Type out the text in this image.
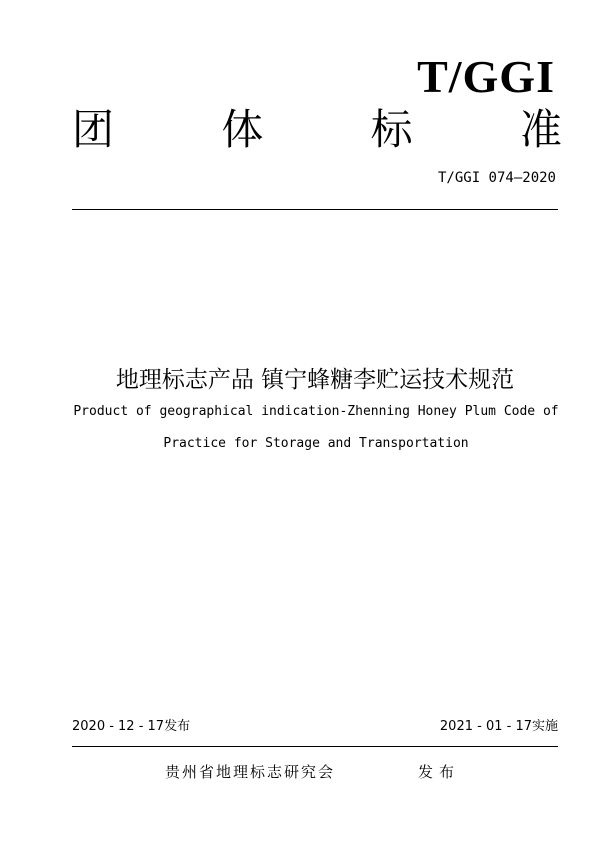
T/GGI
团	体	标	准
T/GGI 074—2020
地理标志产品 镇宁蜂糖李贮运技术规范
Product of geographical indication-Zhenning Honey Plum Code of
Practice for Storage and Transportation
2020 - 12 - 17发布	2021 - 01 - 17实施
贵州省地理标志研究会	发布
